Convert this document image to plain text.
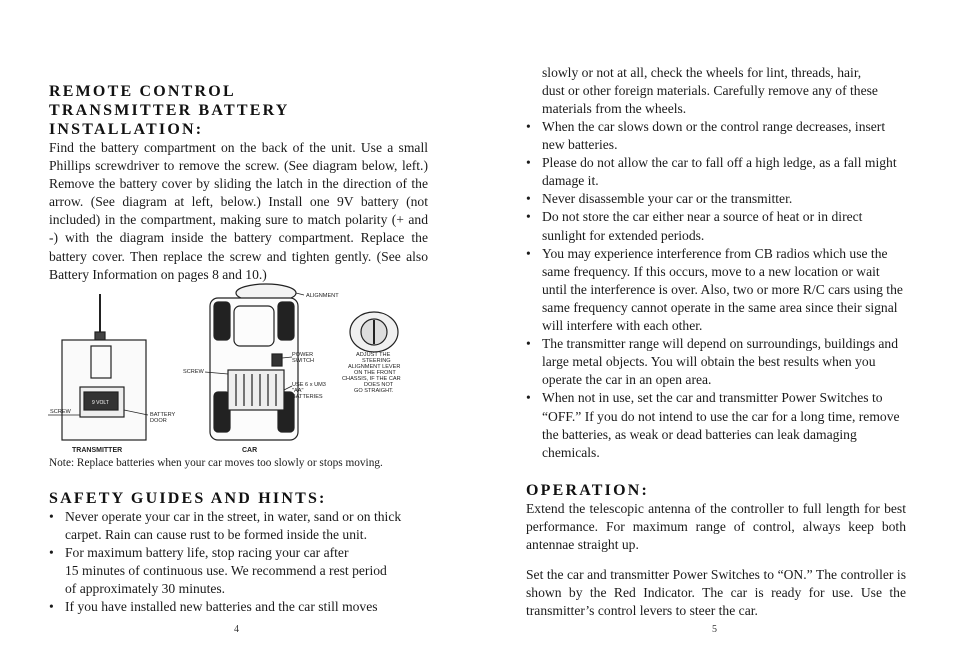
REMOTE CONTROL
TRANSMITTER BATTERY
INSTALLATION:

Find the battery compartment on the back of the unit. Use a small Phillips screwdriver to remove the screw. (See diagram below, left.) Remove the battery cover by sliding the latch in the direction of the arrow. (See diagram at left, below.) Install one 9V battery (not included) in the compartment, making sure to match polarity (+ and -) with the diagram inside the battery compartment. Replace the battery cover. Then replace the screw and tighten gently. (See also Battery Information on pages 8 and 10.)

ALIGNMENT
POWER
SWITCH
ADJUST THE
STEERING
ALIGNMENT LEVER
ON THE FRONT
CHASSIS, IF THE CAR
DOES NOT
GO STRAIGHT.
SCREW
USE 6 x UM3
"AA"
BATTERIES
SCREW	BATTERY
DOOR
9 VOLT
TRANSMITTER	CAR
Note: Replace batteries when your car moves too slowly or stops moving.
SAFETY GUIDES AND HINTS:
• Never operate your car in the street, in water, sand or on thick
carpet. Rain can cause rust to be formed inside the unit.
• For maximum battery life, stop racing your car after
15 minutes of continuous use. We recommend a rest period
of approximately 30 minutes.
• If you have installed new batteries and the car still moves
4
slowly or not at all, check the wheels for lint, threads, hair,
dust or other foreign materials. Carefully remove any of these
materials from the wheels.
• When the car slows down or the control range decreases, insert new batteries.
• Please do not allow the car to fall off a high ledge, as a fall might damage it.
• Never disassemble your car or the transmitter.
• Do not store the car either near a source of heat or in direct sunlight for extended periods.
• You may experience interference from CB radios which use the same frequency. If this occurs, move to a new location or wait until the interference is over. Also, two or more R/C cars using the same frequency cannot operate in the same area since their signal will interfere with each other.
• The transmitter range will depend on surroundings, buildings and large metal objects. You will obtain the best results when you operate the car in an open area.
• When not in use, set the car and transmitter Power Switches to “OFF.” If you do not intend to use the car for a long time, remove the batteries, as weak or dead batteries can leak damaging chemicals.
OPERATION:

Extend the telescopic antenna of the controller to full length for best performance. For maximum range of control, always keep both antennae straight up.

Set the car and transmitter Power Switches to “ON.” The controller is shown by the Red Indicator. The car is ready for use. Use the transmitter’s control levers to steer the car.

5
